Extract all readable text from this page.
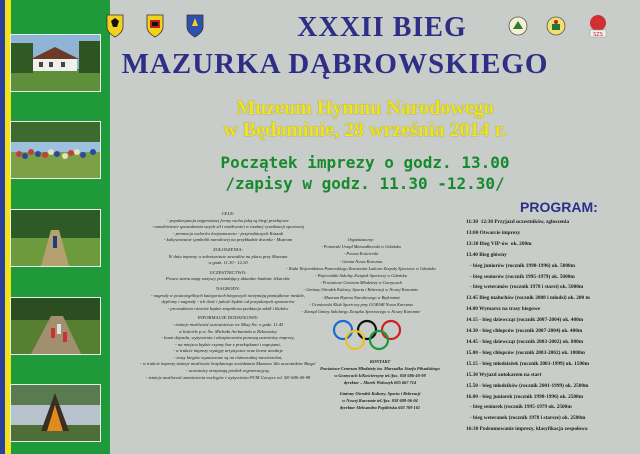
SZS
XXXII BIEG
MAZURKA DĄBROWSKIEGO
Muzeum Hymnu Narodowego
w Będominie, 28 września 2014 r.
Początek imprezy o godz. 13.00
/zapisy w godz. 11.30 -12.30/
CELE:
- popularyzacja najprostszej formy ruchu jaką są biegi przełajowe
- umożliwienie sprawdzenia swych sił i możliwości w trudnej rywalizacji sportowej
- promocja walorów krajoznawczo - przyrodniczych Kaszub
- kultywowanie symbolik narodowej na przykładzie dworku - Muzeum
ZGŁOSZENIA:
W dniu imprezy w sekretariacie zawodów na placu przy Muzeum
w godz. 11.30 - 12.30
UCZESTNICTWO:
Prawo startu mają wszyscy posiadający aktualne badanie lekarskie
NAGRODY:
- nagrody w poszczególnych kategoriach biegowych otrzymają pamiątkowe medale,
dyplomy i nagrody - ich ilość i jakość będzie od pozyskanych sponsorów
- prowadzona również będzie zespołowa punktacja szkół i klubów
INFORMACJE DODATKOWE:
- istnieje możliwość uczestnictwa we Mszy Św. o godz. 11.45
w kościele p.w. Św. Michała Archanioła w Rekownicy
- koszt dojazdu, wyżywienia i ubezpieczenia ponoszą uczestnicy imprezy,
- na miejscu będzie czynny bar z przekąskami i napojami,
- w trakcie imprezy występy artystyczne oraz liczne atrakcje
- trasy biegów wyznaczone są na różnorodnej nawierzchni,
- w trakcie imprezy istnieje możliwość bezpłatnego zwiedzania Muzeum 'dla uczestników Biegu'
- uczestnicy otrzymają posiłek regeneracyjny,
- istnieje możliwość zamówienia noclegów i wyżywienia PCM Gorzyce tel. 58/ 686-40-98
Organizatorzy:
- Pomorski Urząd Marszałkowski w Gdańsku
- Powiat Kościerski
- Gmina Nowa Karczma
- Rada Województwa Pomorskiego Zrzeszenia Ludowe Zespoły Sportowe w Gdańsku
- Wojewódzki Szkolny Związek Sportowy w Gdańsku
- Powiatowe Centrum Młodzieży w Gorzycach
- Gminny Ośrodek Kultury, Sportu i Rekreacji w Nowej Karczmie
- Muzeum Hymnu Narodowego w Będominie
- Uczniowski Klub Sportowy przy GOKSiR Nowa Karczma
- Zarząd Gminy Szkolnego Związku Sportowego w Nowej Karczmie
KONTAKT
Powiatowe Centrum Młodzieży im. Marszałka Józefa Piłsudskiego
w Gorzycach k/Kościerzyny tel./fax. 058 686-40-98
dyrektor – Marek Wołoszyk 605 667 714
Gminny Ośrodek Kultury, Sportu i Rekreacji
w Nowej Karczmie tel./fax. 058 688-06-04
dyrektor Aleksandra Popilińska 603 709 161
PROGRAM:
11:30  12:30 Przyjazd uczestników, zgłoszenia
13:00 Otwarcie imprezy
13:30 Bieg VIP-ów  ok. 200m
13.40 Bieg główny
- bieg juniorów (rocznik 1998-1996) ok. 5000m
- bieg seniorów (rocznik 1995-1979) ok. 5000m
- bieg weteranów (rocznik 1978 i starsi) ok. 5000m
13.45 Bieg maluchów (rocznik 2008 i młodsi) ok. 200 m
14.00 Wymarsz na trasy biegowe
14.15 - bieg dziewcząt (rocznik 2007-2004) ok. 400m
14.30 - bieg chłopców (rocznik 2007-2004) ok. 400m
14.45 - bieg dziewcząt (rocznik 2003-2002) ok. 800m
15.00 - bieg chłopców (rocznik 2003-2002) ok. 1000m
15.15 - bieg młodzieżek (rocznik 2001-1999) ok. 1500m
15.30 Wyjazd autokarem na start
15.50 - bieg młodzików (rocznik 2001-1999) ok. 2500m
16.00 - bieg juniorek (rocznik 1998-1996) ok. 2500m
- bieg seniorek (rocznik 1995-1979 ok. 2500m
- bieg weteranek (rocznik 1978 i starsze) ok. 2500m
16:30 Podsumowanie imprezy, klasyfikacja zespołowa
